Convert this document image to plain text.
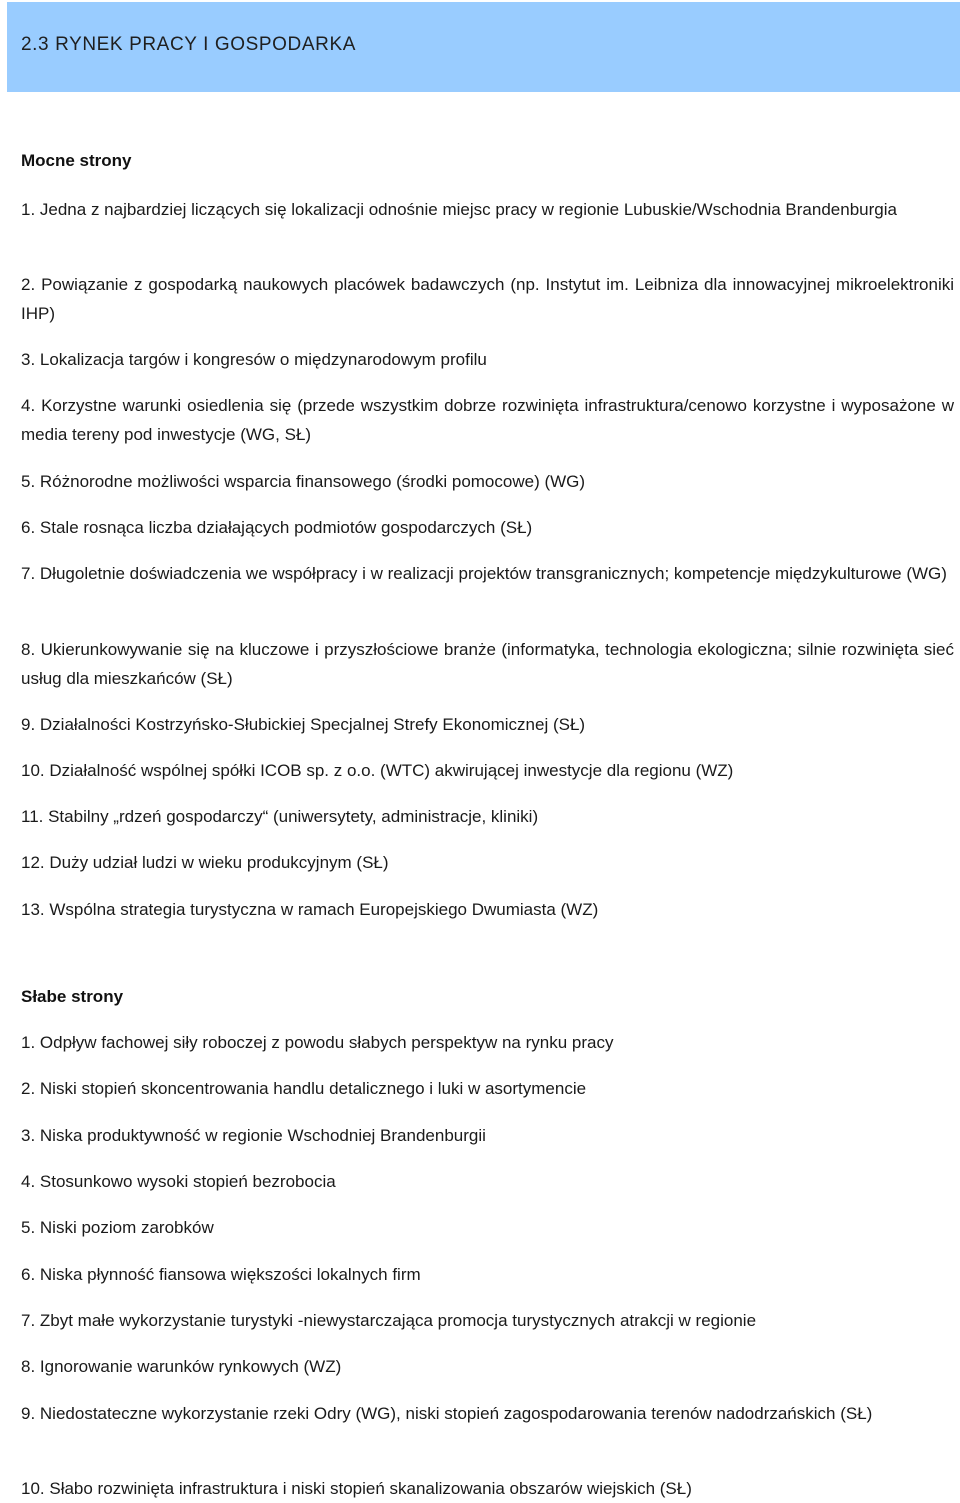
2.3 RYNEK PRACY I GOSPODARKA
Mocne strony
1. Jedna z najbardziej liczących się lokalizacji odnośnie miejsc pracy w regionie Lubuskie/Wschodnia Brandenburgia
2. Powiązanie z gospodarką naukowych placówek badawczych (np. Instytut im. Leibniza dla innowacyjnej mikroelektroniki IHP)
3. Lokalizacja targów i kongresów o międzynarodowym profilu
4. Korzystne warunki osiedlenia się (przede wszystkim dobrze rozwinięta infrastruktura/cenowo korzystne i wyposażone w media tereny pod inwestycje (WG, SŁ)
5. Różnorodne możliwości wsparcia finansowego (środki pomocowe) (WG)
6. Stale rosnąca liczba działających podmiotów gospodarczych (SŁ)
7. Długoletnie doświadczenia we współpracy i w realizacji projektów transgranicznych; kompetencje międzykulturowe (WG)
8. Ukierunkowywanie się na kluczowe i przyszłościowe branże (informatyka, technologia ekologiczna; silnie rozwinięta sieć usług dla mieszkańców (SŁ)
9. Działalności Kostrzyńsko-Słubickiej Specjalnej Strefy Ekonomicznej (SŁ)
10. Działalność wspólnej spółki ICOB sp. z o.o. (WTC) akwirującej inwestycje dla regionu (WZ)
11. Stabilny „rdzeń gospodarczy“ (uniwersytety, administracje, kliniki)
12. Duży udział ludzi w wieku produkcyjnym (SŁ)
13. Wspólna strategia turystyczna w ramach Europejskiego Dwumiasta (WZ)
Słabe strony
1. Odpływ fachowej siły roboczej z powodu słabych perspektyw na rynku pracy
2. Niski stopień skoncentrowania handlu detalicznego i luki w asortymencie
3. Niska produktywność w regionie Wschodniej Brandenburgii
4. Stosunkowo wysoki stopień bezrobocia
5. Niski poziom zarobków
6. Niska płynność fiansowa większości lokalnych firm
7. Zbyt małe wykorzystanie turystyki -niewystarczająca promocja turystycznych atrakcji w regionie
8. Ignorowanie warunków rynkowych (WZ)
9. Niedostateczne wykorzystanie rzeki Odry (WG), niski stopień zagospodarowania terenów nadodrzańskich (SŁ)
10. Słabo rozwinięta infrastruktura i niski stopień skanalizowania obszarów wiejskich (SŁ)
